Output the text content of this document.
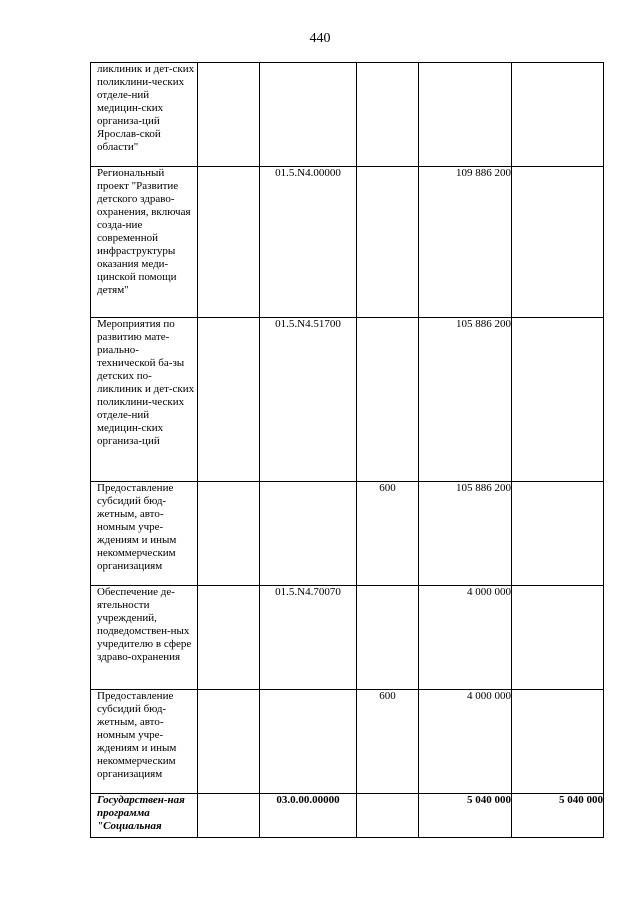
440
ликлиник и дет-ских поликлини-ческих отделе-ний медицин-ских организа-ций Ярослав-ской области"					

Региональный проект "Развитие детского здраво-охранения, включая созда-ние современной инфраструктуры оказания меди-цинской помощи детям"		01.5.N4.00000		109 886 200	

Мероприятия по развитию мате-риально-технической ба-зы детских по-ликлиник и дет-ских поликлини-ческих отделе-ний медицин-ских организа-ций		01.5.N4.51700		105 886 200	

Предоставление субсидий бюд-жетным, авто-номным учре-ждениям и иным некоммерческим организациям			600	105 886 200	

Обеспечение де-ятельности учреждений, подведомствен-ных учредителю в сфере здраво-охранения		01.5.N4.70070		4 000 000	

Предоставление субсидий бюд-жетным, авто-номным учре-ждениям и иным некоммерческим организациям			600	4 000 000	

Государствен-ная программа "Социальная		03.0.00.00000		5 040 000	5 040 000
